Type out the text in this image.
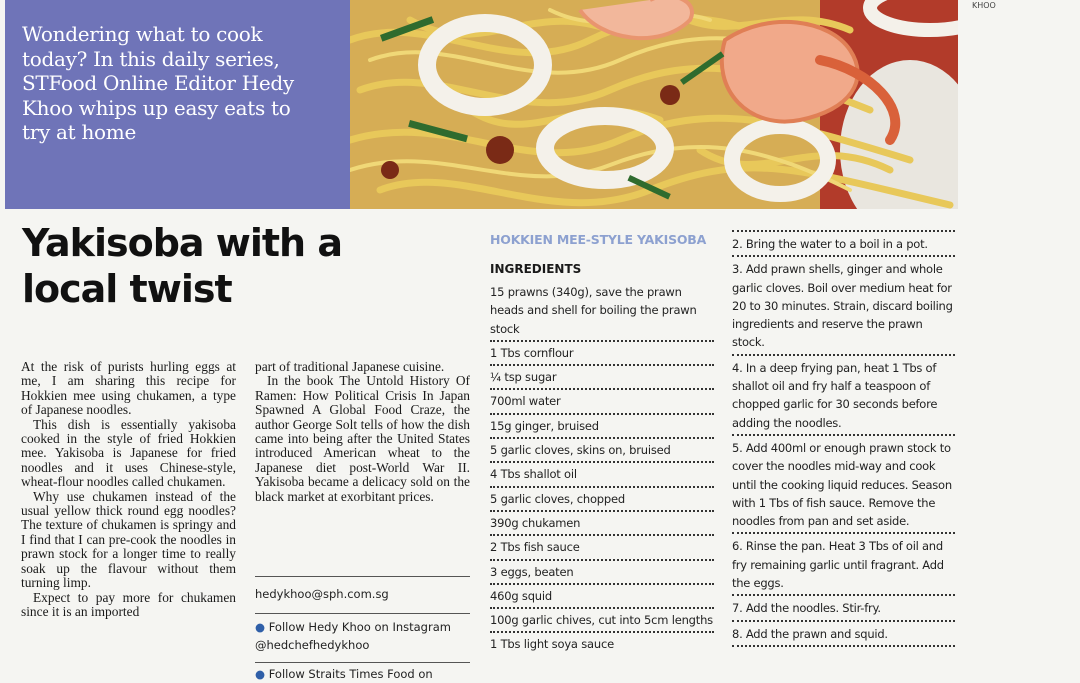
Wondering what to cook today? In this daily series, STFood Online Editor Hedy Khoo whips up easy eats to try at home
KHOO
Yakisoba with a local twist

At the risk of purists hurling eggs at me, I am sharing this recipe for Hokkien mee using chukamen, a type of Japanese noodles.

This dish is essentially yakisoba cooked in the style of fried Hokkien mee. Yakisoba is Japanese for fried noodles and it uses Chinese-style, wheat-flour noodles called chukamen.

Why use chukamen instead of the usual yellow thick round egg noodles? The texture of chukamen is springy and I find that I can pre-cook the noodles in prawn stock for a longer time to really soak up the flavour without them turning limp.

Expect to pay more for chukamen since it is an imported

part of traditional Japanese cuisine.

In the book The Untold History Of Ramen: How Political Crisis In Japan Spawned A Global Food Craze, the author George Solt tells of how the dish came into being after the United States introduced American wheat to the Japanese diet post-World War II. Yakisoba became a delicacy sold on the black market at exorbitant prices.

hedykhoo@sph.com.sg
● Follow Hedy Khoo on Instagram
@hedchefhedykhoo
● Follow Straits Times Food on
HOKKIEN MEE-STYLE YAKISOBA
INGREDIENTS
15 prawns (340g), save the prawn heads and shell for boiling the prawn stock
1 Tbs cornflour
¼ tsp sugar
700ml water
15g ginger, bruised
5 garlic cloves, skins on, bruised
4 Tbs shallot oil
5 garlic cloves, chopped
390g chukamen
2 Tbs fish sauce
3 eggs, beaten
460g squid
100g garlic chives, cut into 5cm lengths
1 Tbs light soya sauce
2. Bring the water to a boil in a pot.
3. Add prawn shells, ginger and whole garlic cloves. Boil over medium heat for 20 to 30 minutes. Strain, discard boiling ingredients and reserve the prawn stock.
4. In a deep frying pan, heat 1 Tbs of shallot oil and fry half a teaspoon of chopped garlic for 30 seconds before adding the noodles.
5. Add 400ml or enough prawn stock to cover the noodles mid-way and cook until the cooking liquid reduces. Season with 1 Tbs of fish sauce. Remove the noodles from pan and set aside.
6. Rinse the pan. Heat 3 Tbs of oil and fry remaining garlic until fragrant. Add the eggs.
7. Add the noodles. Stir-fry.
8. Add the prawn and squid.
